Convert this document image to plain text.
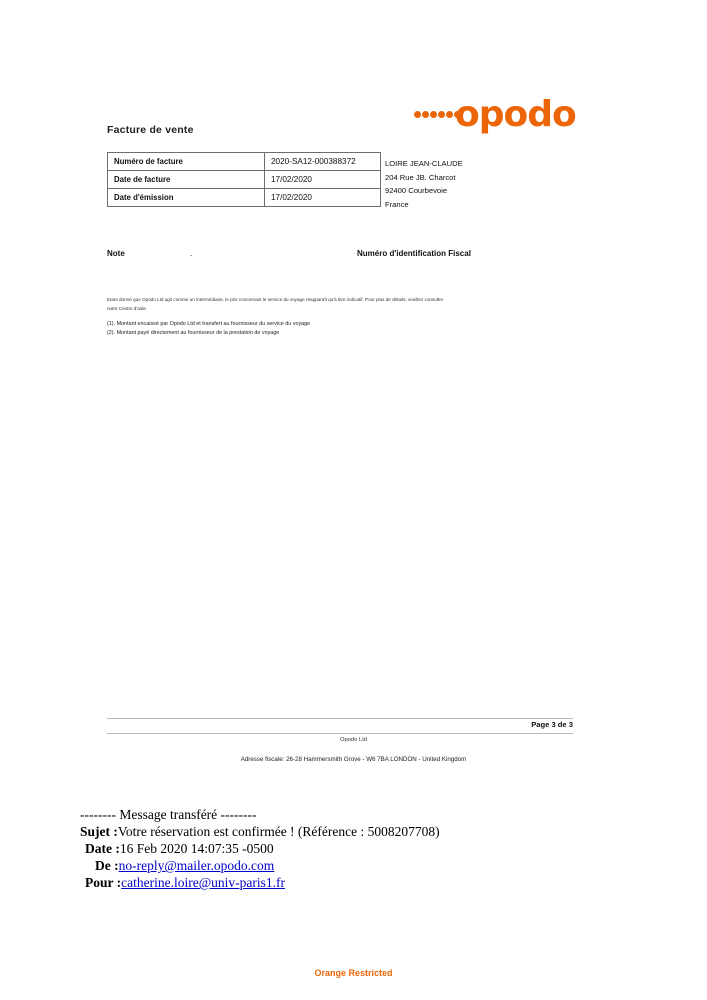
opodo
Facture de vente
Numéro de facture	2020-SA12-000388372
Date de facture	17/02/2020
Date d'émission	17/02/2020
LOIRE JEAN-CLAUDE
204 Rue JB. Charcot
92400 Courbevoie
France
Note	.	Numéro d'identification Fiscal
Etant donné que Opodo Ltd agit comme un intermédiaire, le prix concernant le service du voyage réapparaît qu'à titre indicatif. Pour plus de détails, veuillez consulter
notre Centre d'aide.
(1). Montant encaissé par Opodo Ltd et transfert au fournisseur du service du voyage
(2). Montant payé directement au fournisseur de la prestation de voyage
Page 3 de 3
Opodo Ltd
Adresse fiscale: 26-28 Hammersmith Grove - W6 7BA LONDON - United Kingdom
-------- Message transféré --------
Sujet :Votre réservation est confirmée ! (Référence : 5008207708)
Date :16 Feb 2020 14:07:35 -0500
De :no-reply@mailer.opodo.com
Pour :catherine.loire@univ-paris1.fr
Orange Restricted
